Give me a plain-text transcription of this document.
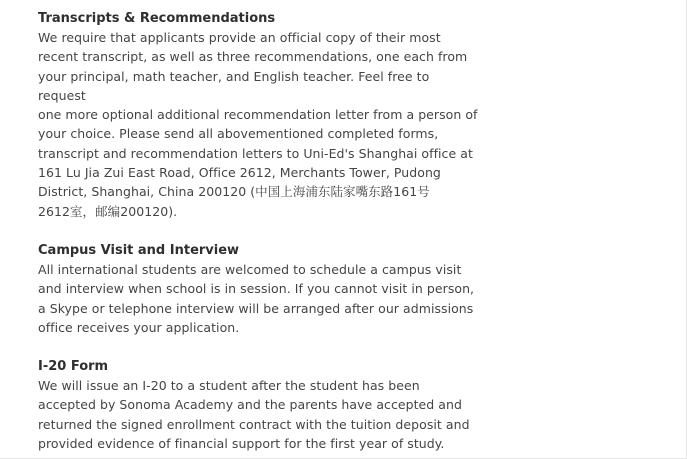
Transcripts & Recommendations

We require that applicants provide an official copy of their most
recent transcript, as well as three recommendations, one each from
your principal, math teacher, and English teacher. Feel free to request
one more optional additional recommendation letter from a person of
your choice. Please send all abovementioned completed forms,
transcript and recommendation letters to Uni-Ed's Shanghai office at
161 Lu Jia Zui East Road, Office 2612, Merchants Tower, Pudong
District, Shanghai, China 200120 (中国上海浦东陆家嘴东路161号
2612室，邮编200120).

Campus Visit and Interview

All international students are welcomed to schedule a campus visit
and interview when school is in session. If you cannot visit in person,
a Skype or telephone interview will be arranged after our admissions
office receives your application.

I-20 Form

We will issue an I-20 to a student after the student has been
accepted by Sonoma Academy and the parents have accepted and
returned the signed enrollment contract with the tuition deposit and
provided evidence of financial support for the first year of study.
